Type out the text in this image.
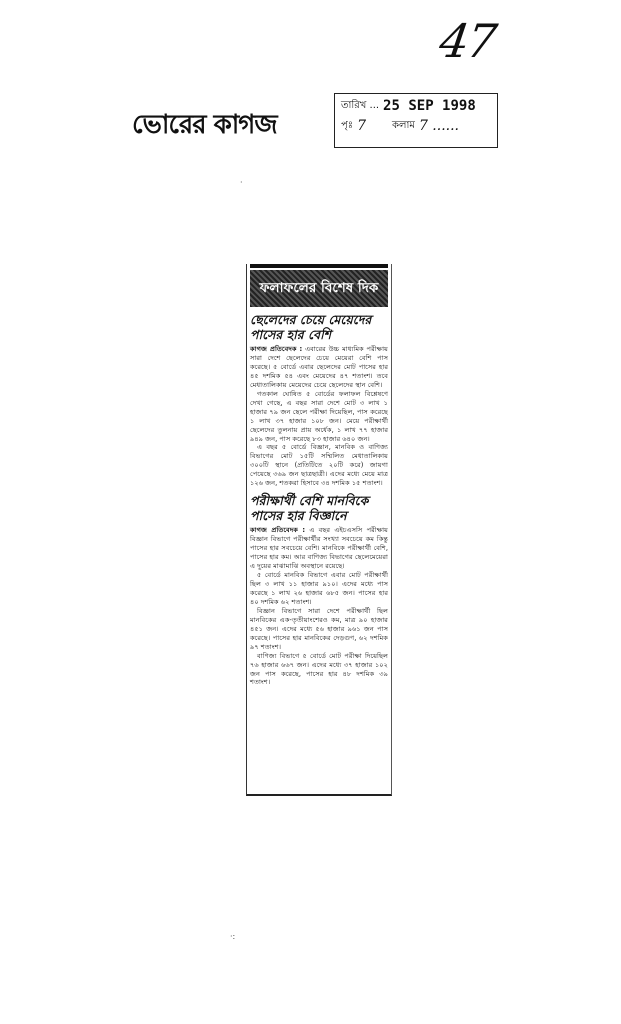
47
ভোরের কাগজ
তারিখ ... 25 SEP 1998
পৃঃ 7	কলাম 7 ......
·
·:
ফলাফলের বিশেষ দিক
ছেলেদের চেয়ে মেয়েদের পাসের হার বেশি

কাগজ প্রতিবেদক : এবারের উচ্চ মাধ্যমিক পরীক্ষায় সারা দেশে ছেলেদের চেয়ে মেয়েরা বেশি পাস করেছে। ৫ বোর্ডে এবার ছেলেদের মোট পাসের হার ৪৫ দশমিক ৫৪ এবং মেয়েদের ৪৭ শতাংশ। তবে মেধাতালিকায় মেয়েদের চেয়ে ছেলেদের স্থান বেশি।

গতকাল ঘোষিত ৫ বোর্ডের ফলাফল বিশ্লেষণে দেখা গেছে, এ বছর সারা দেশে মোট ৩ লাখ ১ হাজার ৭৯ জন ছেলে পরীক্ষা দিয়েছিল, পাস করেছে ১ লাখ ৩৭ হাজার ১০৮ জন। মেয়ে পরীক্ষার্থী ছেলেদের তুলনায় প্রায় অর্ধেক, ১ লাখ ৭৭ হাজার ৯৪৯ জন, পাস করেছে ৮৩ হাজার ৬৪০ জন।

এ বছর ৫ বোর্ডে বিজ্ঞান, মানবিক ও বাণিজ্য বিভাগের মোট ১৫টি সম্মিলিত মেধাতালিকায় ৩০০টি স্থানে (প্রতিটিতে ২০টি করে) জায়গা পেয়েছে ৩৬৯ জন ছাত্রছাত্রী। এদের মধ্যে মেয়ে মাত্র ১২৬ জন, শতকরা হিসাবে ৩৪ দশমিক ১৫ শতাংশ।

পরীক্ষার্থী বেশি মানবিকে পাসের হার বিজ্ঞানে

কাগজ প্রতিবেদক : এ বছর এইচএসসি পরীক্ষায় বিজ্ঞান বিভাগে পরীক্ষার্থীর সংখ্যা সবচেয়ে কম কিন্তু পাসের হার সবচেয়ে বেশি। মানবিকে পরীক্ষার্থী বেশি, পাসের হার কম। আর বাণিজ্য বিভাগের ছেলেমেয়েরা এ দুয়ের মাঝামাঝি অবস্থানে রয়েছে।

৫ বোর্ডে মানবিক বিভাগে এবার মোট পরীক্ষার্থী ছিল ৩ লাখ ১১ হাজার ৯১০। এদের মধ্যে পাস করেছে ১ লাখ ২৬ হাজার ৬৮৫ জন। পাসের হার ৪০ দশমিক ৬২ শতাংশ।

বিজ্ঞান বিভাগে সারা দেশে পরীক্ষার্থী ছিল মানবিকের এক-তৃতীয়াংশেরও কম, মাত্র ৯০ হাজার ৪৫১ জন। এদের মধ্যে ৫৬ হাজার ৯৬১ জন পাস করেছে। পাসের হার মানবিকের দেড়গুণ, ৬২ দশমিক ৯৭ শতাংশ।

বাণিজ্য বিভাগে ৫ বোর্ডে মোট পরীক্ষা দিয়েছিল ৭৬ হাজার ৬৬৭ জন। এদের মধ্যে ৩৭ হাজার ১০২ জন পাস করেছে, পাসের হার ৪৮ দশমিক ৩৯ শতাংশ।
